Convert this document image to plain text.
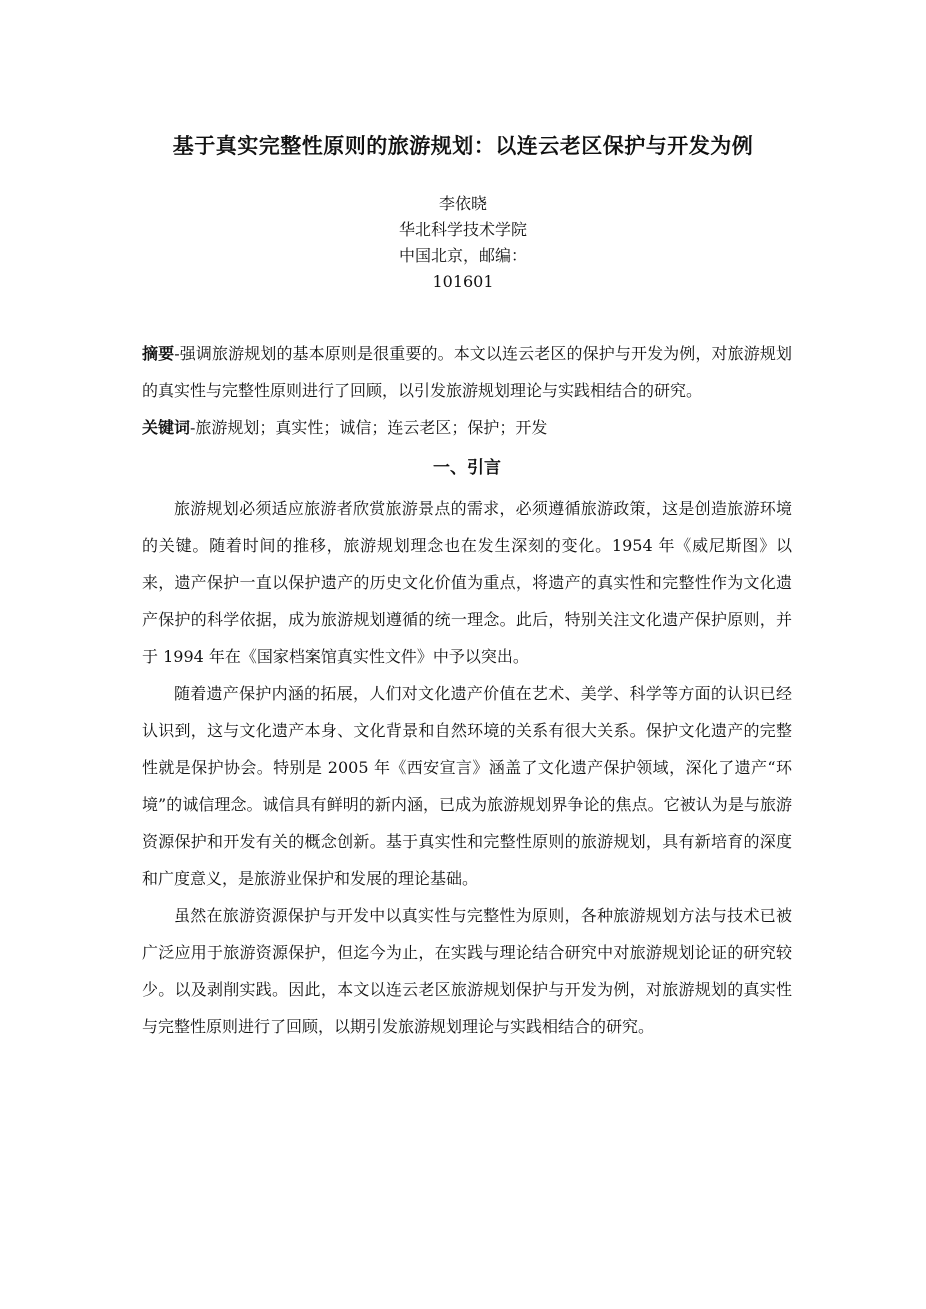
基于真实完整性原则的旅游规划：以连云老区保护与开发为例
李依晓
华北科学技术学院
中国北京，邮编：
101601

摘要-强调旅游规划的基本原则是很重要的。本文以连云老区的保护与开发为例，对旅游规划的真实性与完整性原则进行了回顾，以引发旅游规划理论与实践相结合的研究。

关键词-旅游规划；真实性；诚信；连云老区；保护；开发

一、引言

旅游规划必须适应旅游者欣赏旅游景点的需求，必须遵循旅游政策，这是创造旅游环境的关键。随着时间的推移，旅游规划理念也在发生深刻的变化。1954 年《威尼斯图》以来，遗产保护一直以保护遗产的历史文化价值为重点，将遗产的真实性和完整性作为文化遗产保护的科学依据，成为旅游规划遵循的统一理念。此后，特别关注文化遗产保护原则，并于 1994 年在《国家档案馆真实性文件》中予以突出。

随着遗产保护内涵的拓展，人们对文化遗产价值在艺术、美学、科学等方面的认识已经认识到，这与文化遗产本身、文化背景和自然环境的关系有很大关系。保护文化遗产的完整性就是保护协会。特别是 2005 年《西安宣言》涵盖了文化遗产保护领域，深化了遗产“环境”的诚信理念。诚信具有鲜明的新内涵，已成为旅游规划界争论的焦点。它被认为是与旅游资源保护和开发有关的概念创新。基于真实性和完整性原则的旅游规划，具有新培育的深度和广度意义，是旅游业保护和发展的理论基础。

虽然在旅游资源保护与开发中以真实性与完整性为原则，各种旅游规划方法与技术已被广泛应用于旅游资源保护，但迄今为止，在实践与理论结合研究中对旅游规划论证的研究较少。以及剥削实践。因此，本文以连云老区旅游规划保护与开发为例，对旅游规划的真实性与完整性原则进行了回顾，以期引发旅游规划理论与实践相结合的研究。
